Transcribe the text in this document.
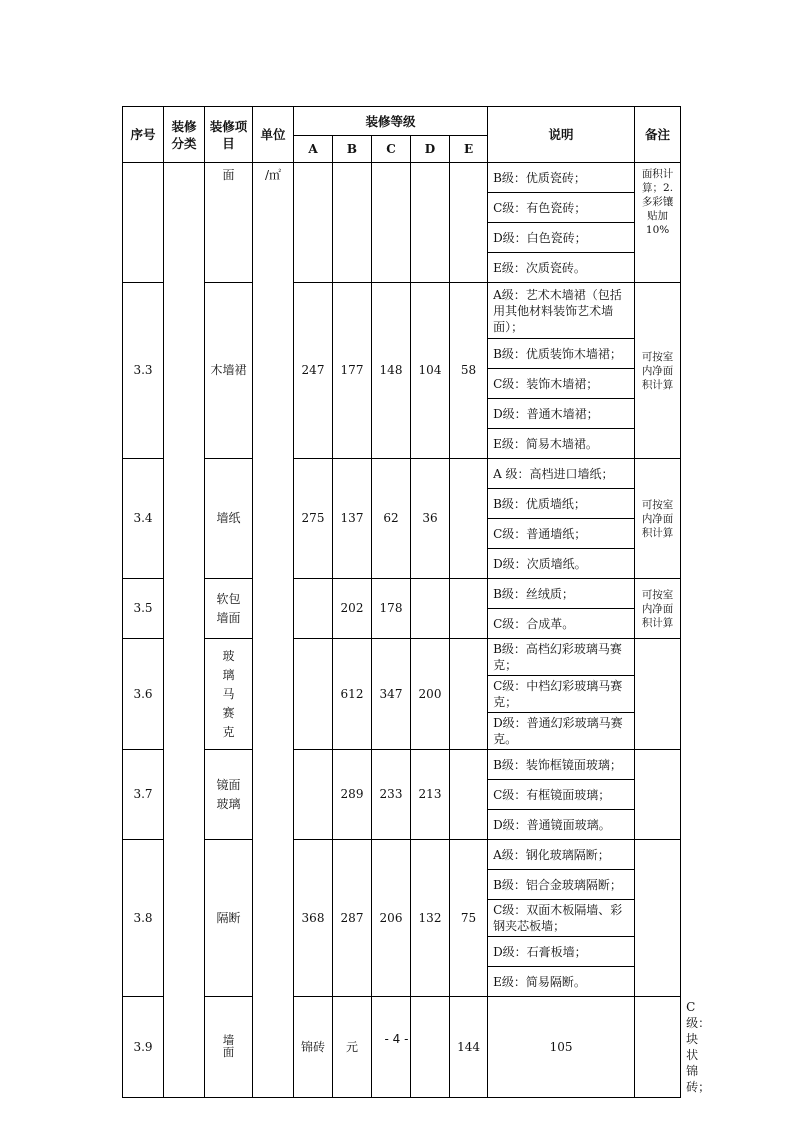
序号	装修分类	装修项目	单位	装修等级					说明	备注	
				A	B	C	D	E			
		面	/㎡						B级：优质瓷砖；	面积计算；2.多彩镶贴加10%	
									C级：有色瓷砖；		
									D级：白色瓷砖；		
									E级：次质瓷砖。		
3.3		木墙裙		247	177	148	104	58	A级：艺术木墙裙（包括用其他材料装饰艺术墙面）；	可按室内净面积计算	
									B级：优质装饰木墙裙；		
									C级：装饰木墙裙；		
									D级：普通木墙裙；		
									E级：简易木墙裙。		
3.4		墙纸		275	137	62	36		A 级：高档进口墙纸；	可按室内净面积计算	
									B级：优质墙纸；		
									C级：普通墙纸；		
									D级：次质墙纸。		
3.5		软包墙面			202	178			B级：丝绒质；	可按室内净面积计算	
									C级：合成革。		
3.6		玻璃马赛克			612	347	200		B级：高档幻彩玻璃马赛克；		
									C级：中档幻彩玻璃马赛克；		
									D级：普通幻彩玻璃马赛克。		
3.7		镜面玻璃			289	233	213		B级：装饰框镜面玻璃；		
									C级：有框镜面玻璃；		
									D级：普通镜面玻璃。		
3.8		隔断		368	287	206	132	75	A级：钢化玻璃隔断；		
									B级：铝合金玻璃隔断；		
									C级：双面木板隔墙、彩钢夹芯板墙；		
									D级：石膏板墙；		
									E级：简易隔断。		
3.9		墙面		锦砖	元			144	105		C级：块状锦砖；	
- 4 -
